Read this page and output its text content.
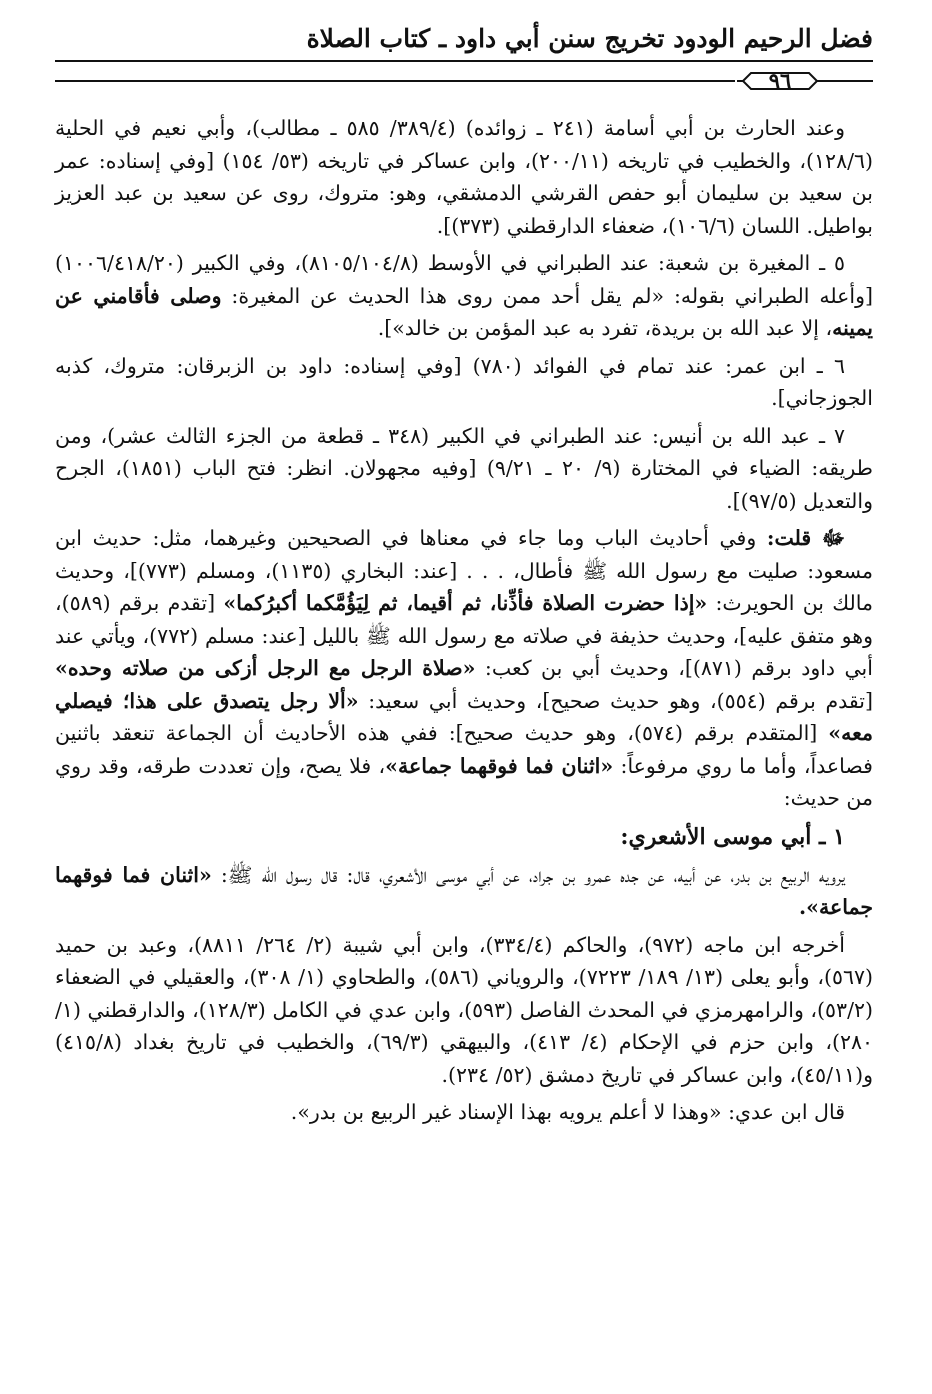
فضل الرحيم الودود تخريج سنن أبي داود ـ كتاب الصلاة
٩٦

وعند الحارث بن أبي أسامة (٢٤١ ـ زوائده) (٣٨٩/٤/ ٥٨٥ ـ مطالب)، وأبي نعيم في الحلية (١٢٨/٦)، والخطيب في تاريخه (٢٠٠/١١)، وابن عساكر في تاريخه (٥٣/ ١٥٤) [وفي إسناده: عمر بن سعيد بن سليمان أبو حفص القرشي الدمشقي، وهو: متروك، روى عن سعيد بن عبد العزيز بواطيل. اللسان (١٠٦/٦)، ضعفاء الدارقطني (٣٧٣)].

٥ ـ المغيرة بن شعبة: عند الطبراني في الأوسط (٨١٠٥/١٠٤/٨)، وفي الكبير (١٠٠٦/٤١٨/٢٠) [وأعله الطبراني بقوله: «لم يقل أحد ممن روى هذا الحديث عن المغيرة: وصلى فأقامني عن يمينه، إلا عبد الله بن بريدة، تفرد به عبد المؤمن بن خالد»].

٦ ـ ابن عمر: عند تمام في الفوائد (٧٨٠) [وفي إسناده: داود بن الزبرقان: متروك، كذبه الجوزجاني].

٧ ـ عبد الله بن أنيس: عند الطبراني في الكبير (٣٤٨ ـ قطعة من الجزء الثالث عشر)، ومن طريقه: الضياء في المختارة (٩/ ٢٠ ـ ٩/٢١) [وفيه مجهولان. انظر: فتح الباب (١٨٥١)، الجرح والتعديل (٩٧/٥)].

ﷻ قلت: وفي أحاديث الباب وما جاء في معناها في الصحيحين وغيرهما، مثل: حديث ابن مسعود: صليت مع رسول الله ﷺ فأطال، . . . [عند: البخاري (١١٣٥)، ومسلم (٧٧٣)]، وحديث مالك بن الحويرث: «إذا حضرت الصلاة فأذِّنا، ثم أقيما، ثم لِيَؤُمَّكما أكبرُكما» [تقدم برقم (٥٨٩)، وهو متفق عليه]، وحديث حذيفة في صلاته مع رسول الله ﷺ بالليل [عند: مسلم (٧٧٢)، ويأتي عند أبي داود برقم (٨٧١)]، وحديث أبي بن كعب: «صلاة الرجل مع الرجل أزكى من صلاته وحده» [تقدم برقم (٥٥٤)، وهو حديث صحيح]، وحديث أبي سعيد: «ألا رجل يتصدق على هذا؛ فيصلي معه» [المتقدم برقم (٥٧٤)، وهو حديث صحيح]: ففي هذه الأحاديث أن الجماعة تنعقد باثنين فصاعداً، وأما ما روي مرفوعاً: «اثنان فما فوقهما جماعة»، فلا يصح، وإن تعددت طرقه، وقد روي من حديث:

١ ـ أبي موسى الأشعري:

يرويه الربيع بن بدر، عن أبيه، عن جده عمرو بن جراد، عن أبي موسى الأشعري، قال: قال رسول الله ﷺ: «اثنان فما فوقهما جماعة».

أخرجه ابن ماجه (٩٧٢)، والحاكم (٣٣٤/٤)، وابن أبي شيبة (٢/ ٢٦٤/ ٨٨١١)، وعبد بن حميد (٥٦٧)، وأبو يعلى (١٣/ ١٨٩/ ٧٢٢٣)، والروياني (٥٨٦)، والطحاوي (١/ ٣٠٨)، والعقيلي في الضعفاء (٥٣/٢)، والرامهرمزي في المحدث الفاصل (٥٩٣)، وابن عدي في الكامل (١٢٨/٣)، والدارقطني (١/ ٢٨٠)، وابن حزم في الإحكام (٤/ ٤١٣)، والبيهقي (٦٩/٣)، والخطيب في تاريخ بغداد (٤١٥/٨) و(٤٥/١١)، وابن عساكر في تاريخ دمشق (٥٢/ ٢٣٤).

قال ابن عدي: «وهذا لا أعلم يرويه بهذا الإسناد غير الربيع بن بدر».
